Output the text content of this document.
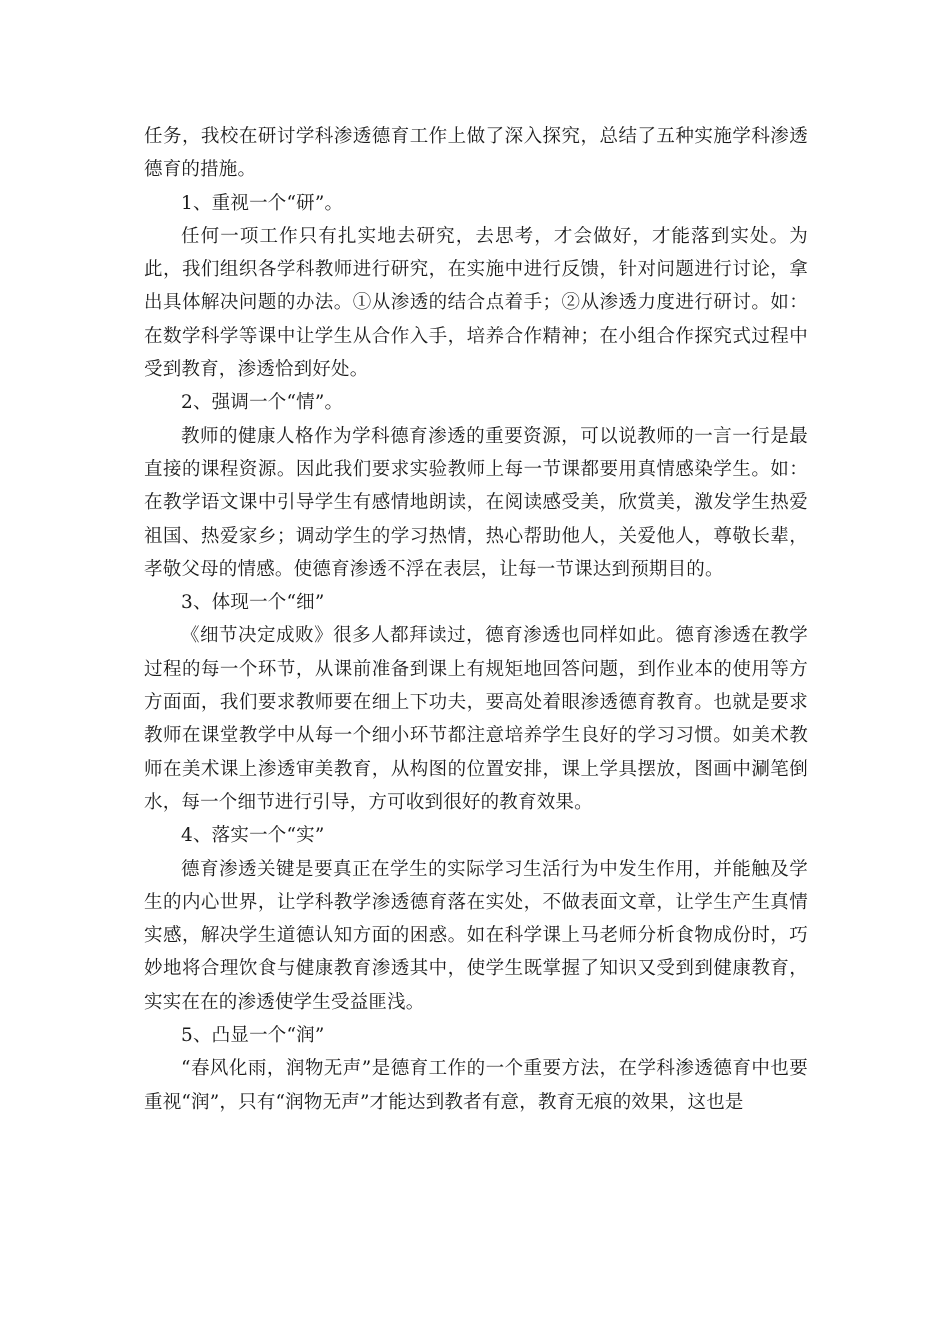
任务，我校在研讨学科渗透德育工作上做了深入探究，总结了五种实施学科渗透德育的措施。

1、重视一个“研”。

任何一项工作只有扎实地去研究，去思考，才会做好，才能落到实处。为此，我们组织各学科教师进行研究，在实施中进行反馈，针对问题进行讨论，拿出具体解决问题的办法。①从渗透的结合点着手；②从渗透力度进行研讨。如：在数学科学等课中让学生从合作入手，培养合作精神；在小组合作探究式过程中受到教育，渗透恰到好处。

2、强调一个“情”。

教师的健康人格作为学科德育渗透的重要资源，可以说教师的一言一行是最直接的课程资源。因此我们要求实验教师上每一节课都要用真情感染学生。如：在教学语文课中引导学生有感情地朗读，在阅读感受美，欣赏美，激发学生热爱祖国、热爱家乡；调动学生的学习热情，热心帮助他人，关爱他人，尊敬长辈，孝敬父母的情感。使德育渗透不浮在表层，让每一节课达到预期目的。

3、体现一个“细”

《细节决定成败》很多人都拜读过，德育渗透也同样如此。德育渗透在教学过程的每一个环节，从课前准备到课上有规矩地回答问题，到作业本的使用等方方面面，我们要求教师要在细上下功夫，要高处着眼渗透德育教育。也就是要求教师在课堂教学中从每一个细小环节都注意培养学生良好的学习习惯。如美术教师在美术课上渗透审美教育，从构图的位置安排，课上学具摆放，图画中涮笔倒水，每一个细节进行引导，方可收到很好的教育效果。

4、落实一个“实”

德育渗透关键是要真正在学生的实际学习生活行为中发生作用，并能触及学生的内心世界，让学科教学渗透德育落在实处，不做表面文章，让学生产生真情实感，解决学生道德认知方面的困惑。如在科学课上马老师分析食物成份时，巧妙地将合理饮食与健康教育渗透其中，使学生既掌握了知识又受到到健康教育，实实在在的渗透使学生受益匪浅。

5、凸显一个“润”

“春风化雨，润物无声”是德育工作的一个重要方法，在学科渗透德育中也要重视“润”，只有“润物无声”才能达到教者有意，教育无痕的效果，这也是
